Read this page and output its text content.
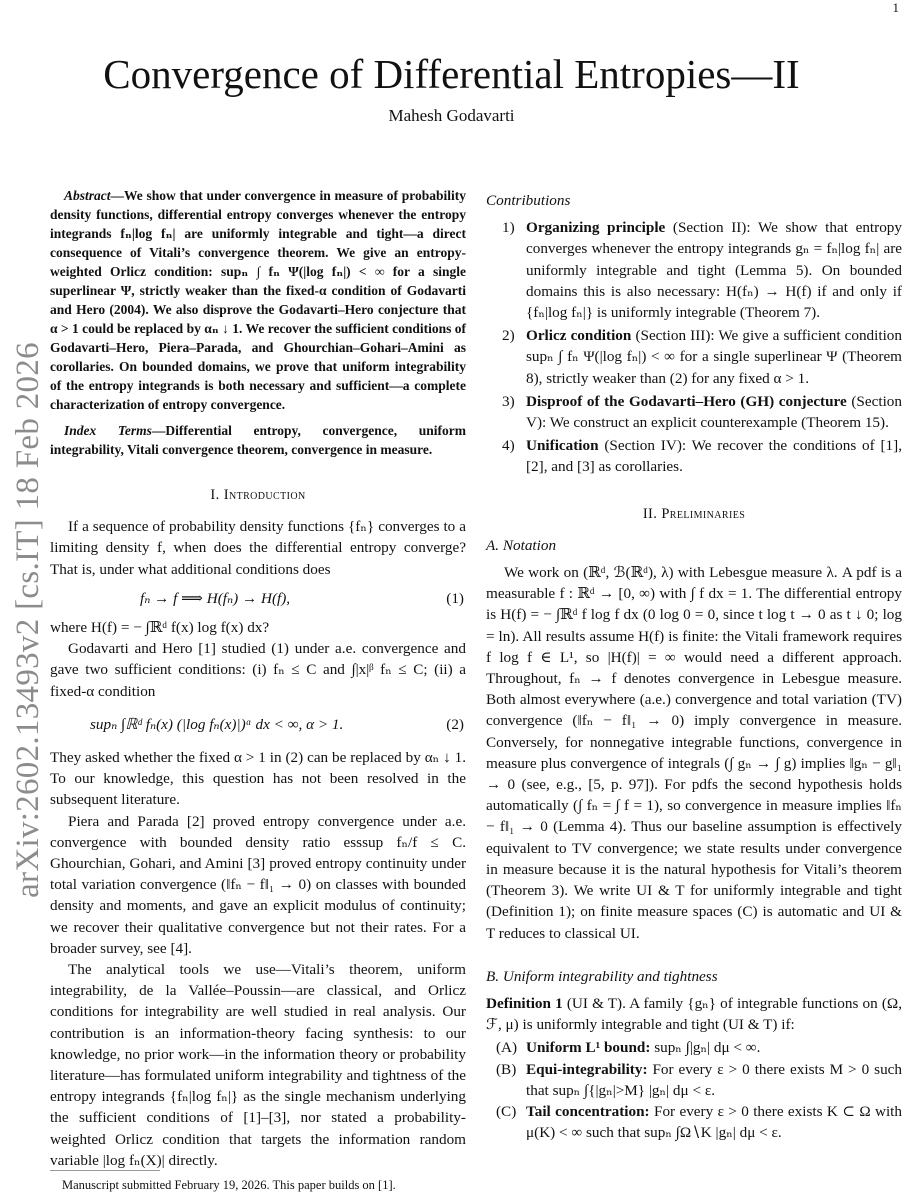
1
arXiv:2602.13493v2 [cs.IT] 18 Feb 2026
Convergence of Differential Entropies—II
Mahesh Godavarti

Abstract—We show that under convergence in measure of probability density functions, differential entropy converges whenever the entropy integrands fₙ|log fₙ| are uniformly integrable and tight—a direct consequence of Vitali’s convergence theorem. We give an entropy-weighted Orlicz condition: supₙ ∫ fₙ Ψ(|log fₙ|) < ∞ for a single superlinear Ψ, strictly weaker than the fixed-α condition of Godavarti and Hero (2004). We also disprove the Godavarti–Hero conjecture that α > 1 could be replaced by αₙ ↓ 1. We recover the sufficient conditions of Godavarti–Hero, Piera–Parada, and Ghourchian–Gohari–Amini as corollaries. On bounded domains, we prove that uniform integrability of the entropy integrands is both necessary and sufficient—a complete characterization of entropy convergence.

Index Terms—Differential entropy, convergence, uniform integrability, Vitali convergence theorem, convergence in measure.

I. Introduction

If a sequence of probability density functions {fₙ} converges to a limiting density f, when does the differential entropy converge? That is, under what additional conditions does

fₙ → f ⟹ H(fₙ) → H(f),	(1)

where H(f) = − ∫ℝᵈ f(x) log f(x) dx?

Godavarti and Hero [1] studied (1) under a.e. convergence and gave two sufficient conditions: (i) fₙ ≤ C and ∫|x|ᵝ fₙ ≤ C; (ii) a fixed-α condition

supₙ ∫ℝᵈ fₙ(x) (|log fₙ(x)|)ᵅ dx < ∞, α > 1.	(2)

They asked whether the fixed α > 1 in (2) can be replaced by αₙ ↓ 1. To our knowledge, this question has not been resolved in the subsequent literature.

Piera and Parada [2] proved entropy convergence under a.e. convergence with bounded density ratio esssup fₙ/f ≤ C. Ghourchian, Gohari, and Amini [3] proved entropy continuity under total variation convergence (‖fₙ − f‖₁ → 0) on classes with bounded density and moments, and gave an explicit modulus of continuity; we recover their qualitative convergence but not their rates. For a broader survey, see [4].

The analytical tools we use—Vitali’s theorem, uniform integrability, de la Vallée–Poussin—are classical, and Orlicz conditions for integrability are well studied in real analysis. Our contribution is an information-theory facing synthesis: to our knowledge, no prior work—in the information theory or probability literature—has formulated uniform integrability and tightness of the entropy integrands {fₙ|log fₙ|} as the single mechanism underlying the sufficient conditions of [1]–[3], nor stated a probability-weighted Orlicz condition that targets the information random variable |log fₙ(X)| directly.

Contributions

1) Organizing principle (Section II): We show that entropy converges whenever the entropy integrands gₙ = fₙ|log fₙ| are uniformly integrable and tight (Lemma 5). On bounded domains this is also necessary: H(fₙ) → H(f) if and only if {fₙ|log fₙ|} is uniformly integrable (Theorem 7).
2) Orlicz condition (Section III): We give a sufficient condition supₙ ∫ fₙ Ψ(|log fₙ|) < ∞ for a single superlinear Ψ (Theorem 8), strictly weaker than (2) for any fixed α > 1.
3) Disproof of the Godavarti–Hero (GH) conjecture (Section V): We construct an explicit counterexample (Theorem 15).
4) Unification (Section IV): We recover the conditions of [1], [2], and [3] as corollaries.
II. Preliminaries

A. Notation

We work on (ℝᵈ, ℬ(ℝᵈ), λ) with Lebesgue measure λ. A pdf is a measurable f : ℝᵈ → [0, ∞) with ∫ f dx = 1. The differential entropy is H(f) = − ∫ℝᵈ f log f dx (0 log 0 = 0, since t log t → 0 as t ↓ 0; log = ln). All results assume H(f) is finite: the Vitali framework requires f log f ∈ L¹, so |H(f)| = ∞ would need a different approach. Throughout, fₙ → f denotes convergence in Lebesgue measure. Both almost everywhere (a.e.) convergence and total variation (TV) convergence (‖fₙ − f‖₁ → 0) imply convergence in measure. Conversely, for nonnegative integrable functions, convergence in measure plus convergence of integrals (∫ gₙ → ∫ g) implies ‖gₙ − g‖₁ → 0 (see, e.g., [5, p. 97]). For pdfs the second hypothesis holds automatically (∫ fₙ = ∫ f = 1), so convergence in measure implies ‖fₙ − f‖₁ → 0 (Lemma 4). Thus our baseline assumption is effectively equivalent to TV convergence; we state results under convergence in measure because it is the natural hypothesis for Vitali’s theorem (Theorem 3). We write UI & T for uniformly integrable and tight (Definition 1); on finite measure spaces (C) is automatic and UI & T reduces to classical UI.

B. Uniform integrability and tightness

Definition 1 (UI & T). A family {gₙ} of integrable functions on (Ω, ℱ, μ) is uniformly integrable and tight (UI & T) if:

(A) Uniform L¹ bound: supₙ ∫|gₙ| dμ < ∞.
(B) Equi-integrability: For every ε > 0 there exists M > 0 such that supₙ ∫{|gₙ|>M} |gₙ| dμ < ε.
(C) Tail concentration: For every ε > 0 there exists K ⊂ Ω with μ(K) < ∞ such that supₙ ∫Ω∖K |gₙ| dμ < ε.
Manuscript submitted February 19, 2026. This paper builds on [1].
